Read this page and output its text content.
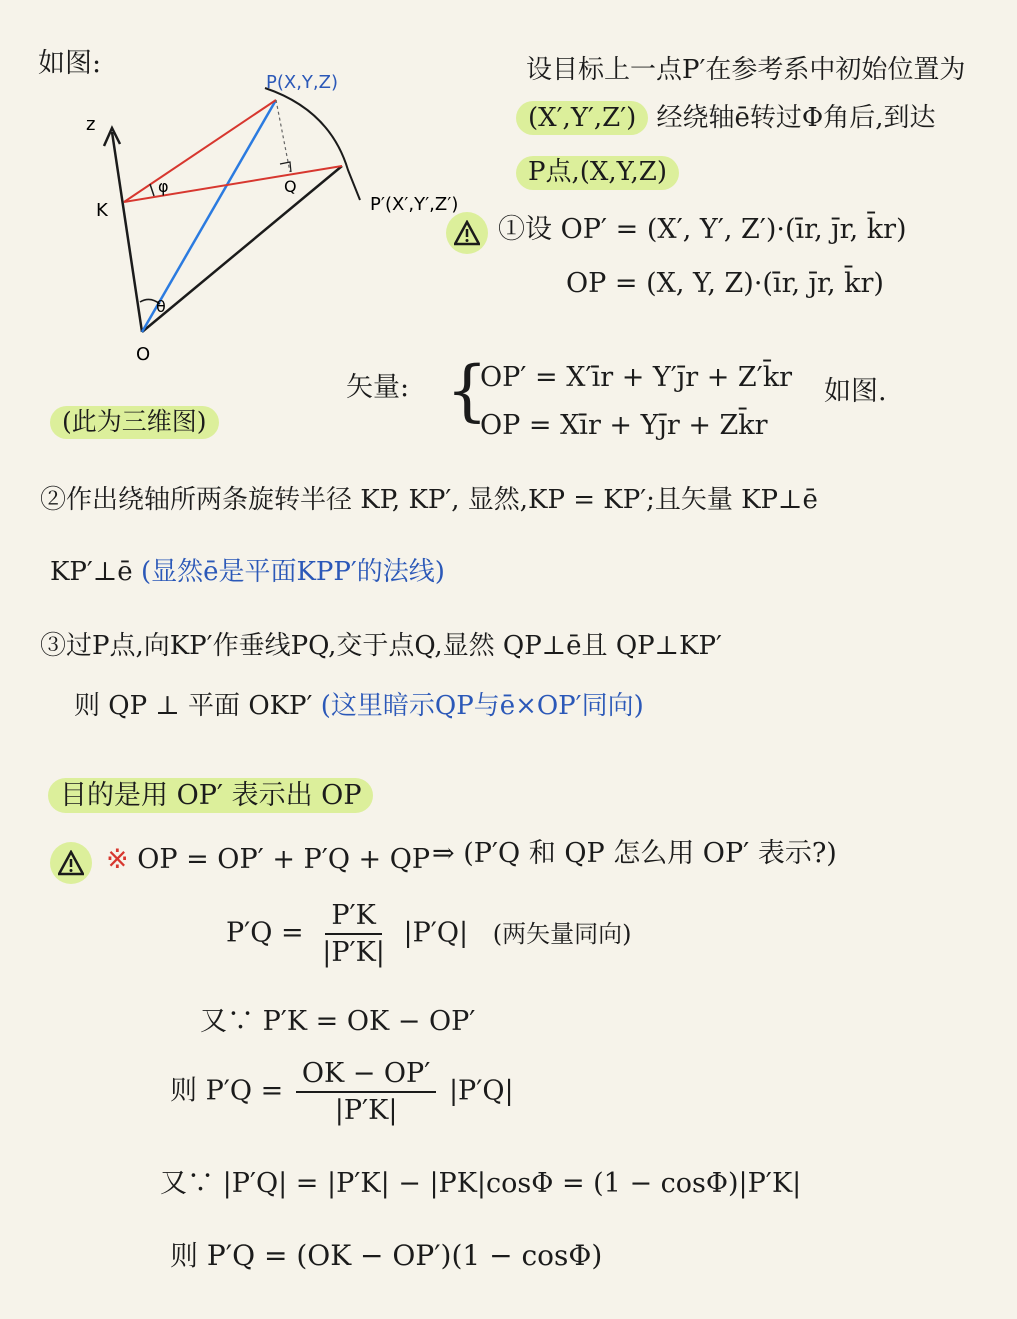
如图:
φ
θ
P(X,Y,Z)
P′(X′,Y′,Z′)
z
K
O
Q
(此为三维图)
设目标上一点P′在参考系中初始位置为
(X′,Y′,Z′) 经绕轴ē转过Φ角后,到达
P点,(X,Y,Z)
①设 OP′ = (X′, Y′, Z′)·(īr, j̄r, k̄r)
OP = (X, Y, Z)·(īr, j̄r, k̄r)
矢量: {
OP′ = X′īr + Y′j̄r + Z′k̄r
OP = Xīr + Yj̄r + Zk̄r
如图.
②作出绕轴所两条旋转半径 KP, KP′, 显然,KP = KP′;且矢量 KP⊥ē
KP′⊥ē (显然ē是平面KPP′的法线)
③过P点,向KP′作垂线PQ,交于点Q,显然 QP⊥ē且 QP⊥KP′
则 QP ⊥ 平面 OKP′ (这里暗示QP与ē×OP′同向)
目的是用 OP′ 表示出 OP
※ OP = OP′ + P′Q + QP ⇒ (P′Q 和 QP 怎么用 OP′ 表示?)
$P'Q = \frac{P'K}{|P'K|} |P'Q|$ (两矢量同向)
又∵ P′K = OK − OP′
则 $P'Q = \frac{OK - OP'}{|P'K|} |P'Q|$
又∵ |P′Q| = |P′K| − |PK|cosΦ = (1 − cosΦ)|P′K|
则 P′Q = (OK − OP′)(1 − cosΦ)
